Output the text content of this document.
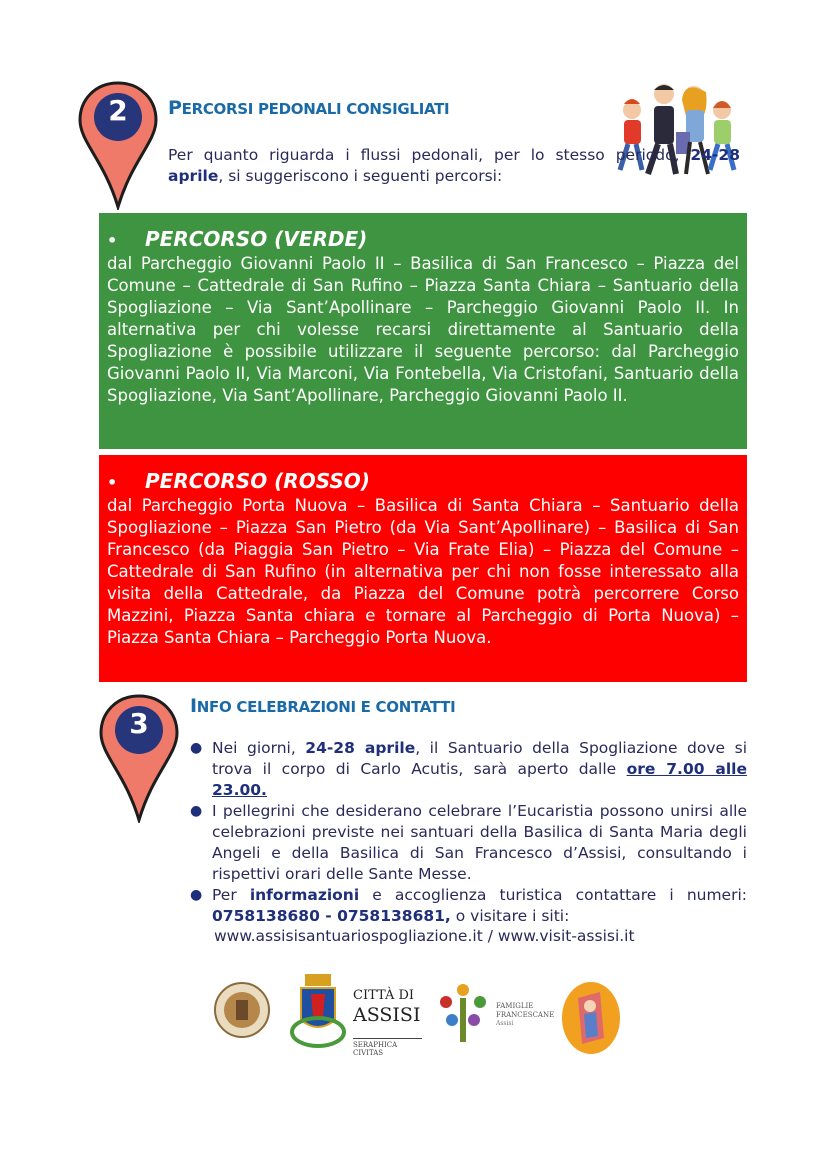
2	PERCORSI PEDONALI CONSIGLIATI
Per quanto riguarda i flussi pedonali, per lo stesso periodo, 24-28 aprile, si suggeriscono i seguenti percorsi:
• PERCORSO (VERDE)
dal Parcheggio Giovanni Paolo II – Basilica di San Francesco – Piazza del Comune – Cattedrale di San Rufino – Piazza Santa Chiara – Santuario della Spogliazione – Via Sant’Apollinare – Parcheggio Giovanni Paolo II. In alternativa per chi volesse recarsi direttamente al Santuario della Spogliazione è possibile utilizzare il seguente percorso: dal Parcheggio Giovanni Paolo II, Via Marconi, Via Fontebella, Via Cristofani, Santuario della Spogliazione, Via Sant’Apollinare, Parcheggio Giovanni Paolo II.
• PERCORSO (ROSSO)
dal Parcheggio Porta Nuova – Basilica di Santa Chiara – Santuario della Spogliazione – Piazza San Pietro (da Via Sant’Apollinare) – Basilica di San Francesco (da Piaggia San Pietro – Via Frate Elia) – Piazza del Comune – Cattedrale di San Rufino (in alternativa per chi non fosse interessato alla visita della Cattedrale, da Piazza del Comune potrà percorrere Corso Mazzini, Piazza Santa chiara e tornare al Parcheggio di Porta Nuova) – Piazza Santa Chiara – Parcheggio Porta Nuova.
3
INFO CELEBRAZIONI E CONTATTI
● Nei giorni, 24-28 aprile, il Santuario della Spogliazione dove si trova il corpo di Carlo Acutis, sarà aperto dalle ore 7.00 alle 23.00.
● I pellegrini che desiderano celebrare l’Eucaristia possono unirsi alle celebrazioni previste nei santuari della Basilica di Santa Maria degli Angeli e della Basilica di San Francesco d’Assisi, consultando i rispettivi orari delle Sante Messe.
● Per informazioni e accoglienza turistica contattare i numeri: 0758138680 - 0758138681, o visitare i siti:
www.assisisantuariospogliazione.it / www.visit-assisi.it
CITTÀ DI
ASSISI
SERAPHICA CIVITAS
FAMIGLIE
FRANCESCANE
Assisi
